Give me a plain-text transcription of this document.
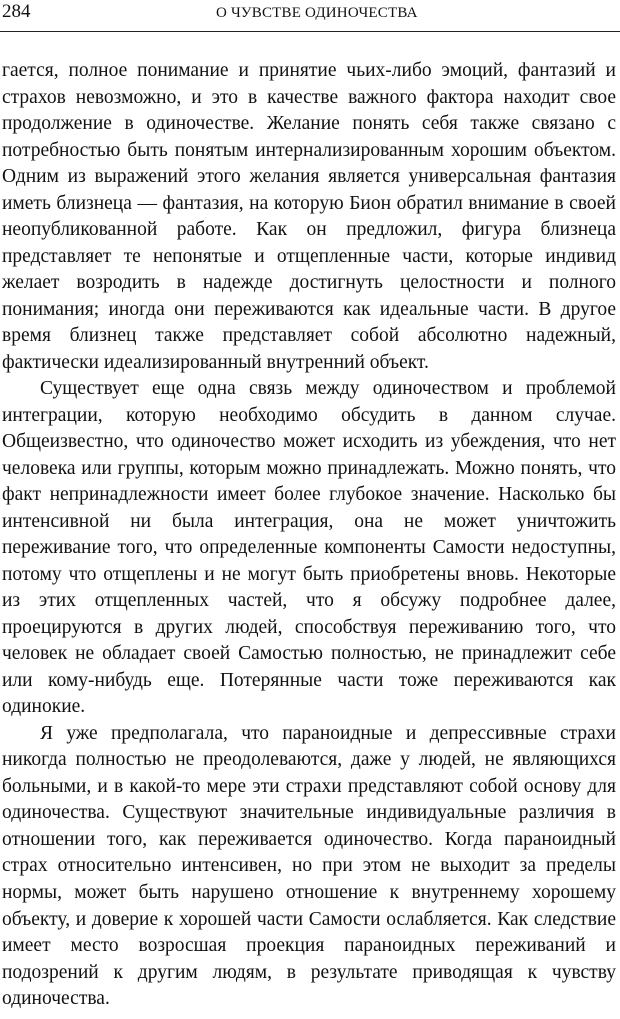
284	О ЧУВСТВЕ ОДИНОЧЕСТВА

гается, полное понимание и принятие чьих-либо эмоций, фантазий и страхов невозможно, и это в качестве важного фактора находит свое продолжение в одиночестве. Желание понять себя также связано с потребностью быть понятым интернализированным хорошим объектом. Одним из выражений этого желания является универсальная фантазия иметь близнеца — фантазия, на которую Бион обратил внимание в своей неопубликованной работе. Как он предложил, фигура близнеца представляет те непонятые и отщепленные части, которые индивид желает возродить в надежде достигнуть целостности и полного понимания; иногда они переживаются как идеальные части. В другое время близнец также представляет собой абсолютно надежный, фактически идеализированный внутренний объект.

Существует еще одна связь между одиночеством и проблемой интеграции, которую необходимо обсудить в данном случае. Общеизвестно, что одиночество может исходить из убеждения, что нет человека или группы, которым можно принадлежать. Можно понять, что факт непринадлежности имеет более глубокое значение. Насколько бы интенсивной ни была интеграция, она не может уничтожить переживание того, что определенные компоненты Самости недоступны, потому что отщеплены и не могут быть приобретены вновь. Некоторые из этих отщепленных частей, что я обсужу подробнее далее, проецируются в других людей, способствуя переживанию того, что человек не обладает своей Самостью полностью, не принадлежит себе или кому-нибудь еще. Потерянные части тоже переживаются как одинокие.

Я уже предполагала, что параноидные и депрессивные страхи никогда полностью не преодолеваются, даже у людей, не являющихся больными, и в какой-то мере эти страхи представляют собой основу для одиночества. Существуют значительные индивидуальные различия в отношении того, как переживается одиночество. Когда параноидный страх относительно интенсивен, но при этом не выходит за пределы нормы, может быть нарушено отношение к внутреннему хорошему объекту, и доверие к хорошей части Самости ослабляется. Как следствие имеет место возросшая проекция параноидных переживаний и подозрений к другим людям, в результате приводящая к чувству одиночества.
